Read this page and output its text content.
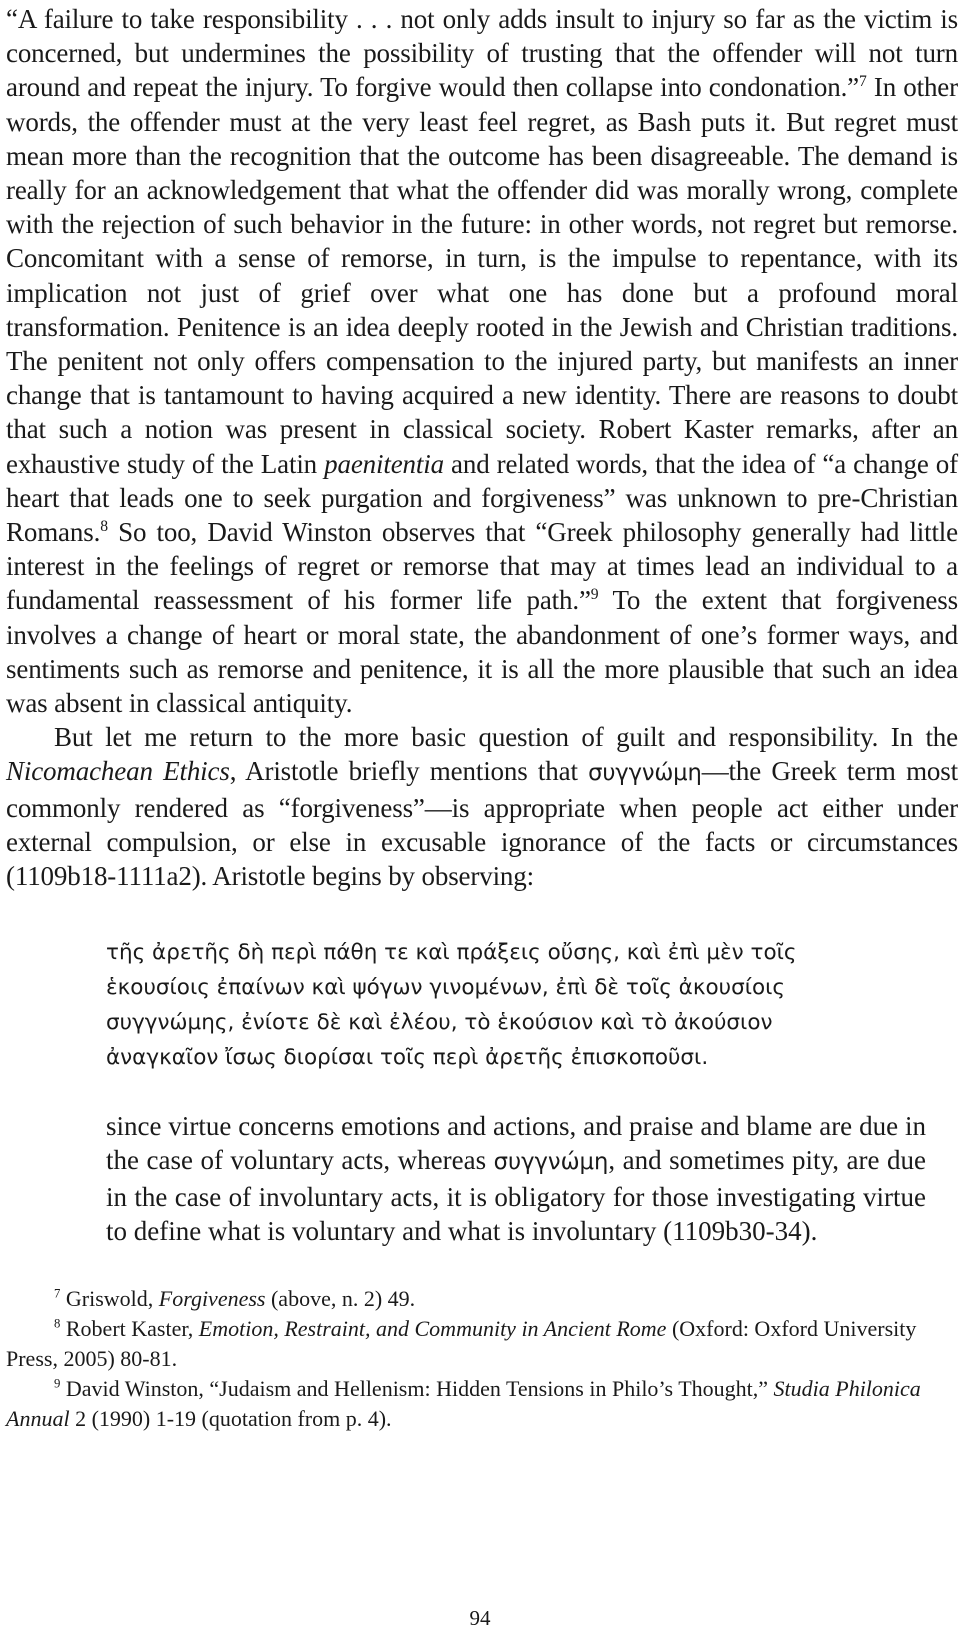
“A failure to take responsibility . . . not only adds insult to injury so far as the victim is concerned, but undermines the possibility of trusting that the offender will not turn around and repeat the injury. To forgive would then collapse into condonation.”$^7$ In other words, the offender must at the very least feel regret, as Bash puts it. But regret must mean more than the recognition that the outcome has been disagreeable. The demand is really for an acknowledgement that what the offender did was morally wrong, complete with the rejection of such behavior in the future: in other words, not regret but remorse. Concomitant with a sense of remorse, in turn, is the impulse to repentance, with its implication not just of grief over what one has done but a profound moral transformation. Penitence is an idea deeply rooted in the Jewish and Christian traditions. The penitent not only offers compensation to the injured party, but manifests an inner change that is tantamount to having acquired a new identity. There are reasons to doubt that such a notion was present in classical society. Robert Kaster remarks, after an exhaustive study of the Latin paenitentia and related words, that the idea of “a change of heart that leads one to seek purgation and forgiveness” was unknown to pre-Christian Romans.$^8$ So too, David Winston observes that “Greek philosophy generally had little interest in the feelings of regret or remorse that may at times lead an individual to a fundamental reassessment of his former life path.”$^9$ To the extent that forgiveness involves a change of heart or moral state, the abandonment of one’s former ways, and sentiments such as remorse and penitence, it is all the more plausible that such an idea was absent in classical antiquity.

But let me return to the more basic question of guilt and responsibility. In the Nicomachean Ethics, Aristotle briefly mentions that συγγνώμη—the Greek term most commonly rendered as “forgiveness”—is appropriate when people act either under external compulsion, or else in excusable ignorance of the facts or circumstances (1109b18-1111a2). Aristotle begins by observing:

τῆς ἀρετῆς δὴ περὶ πάθη τε καὶ πράξεις οὔσης, καὶ ἐπὶ μὲν τοῖς
ἑκουσίοις ἐπαίνων καὶ ψόγων γινομένων, ἐπὶ δὲ τοῖς ἀκουσίοις
συγγνώμης, ἐνίοτε δὲ καὶ ἐλέου, τὸ ἑκούσιον καὶ τὸ ἀκούσιον
ἀναγκαῖον ἴσως διορίσαι τοῖς περὶ ἀρετῆς ἐπισκοποῦσι.

since virtue concerns emotions and actions, and praise and blame are due in the case of voluntary acts, whereas συγγνώμη, and sometimes pity, are due in the case of involuntary acts, it is obligatory for those investigating virtue to define what is voluntary and what is involuntary (1109b30-34).

$^7$ Griswold, Forgiveness (above, n. 2) 49.

$^8$ Robert Kaster, Emotion, Restraint, and Community in Ancient Rome (Oxford: Oxford University Press, 2005) 80-81.

$^9$ David Winston, “Judaism and Hellenism: Hidden Tensions in Philo’s Thought,” Studia Philonica Annual 2 (1990) 1-19 (quotation from p. 4).

94
